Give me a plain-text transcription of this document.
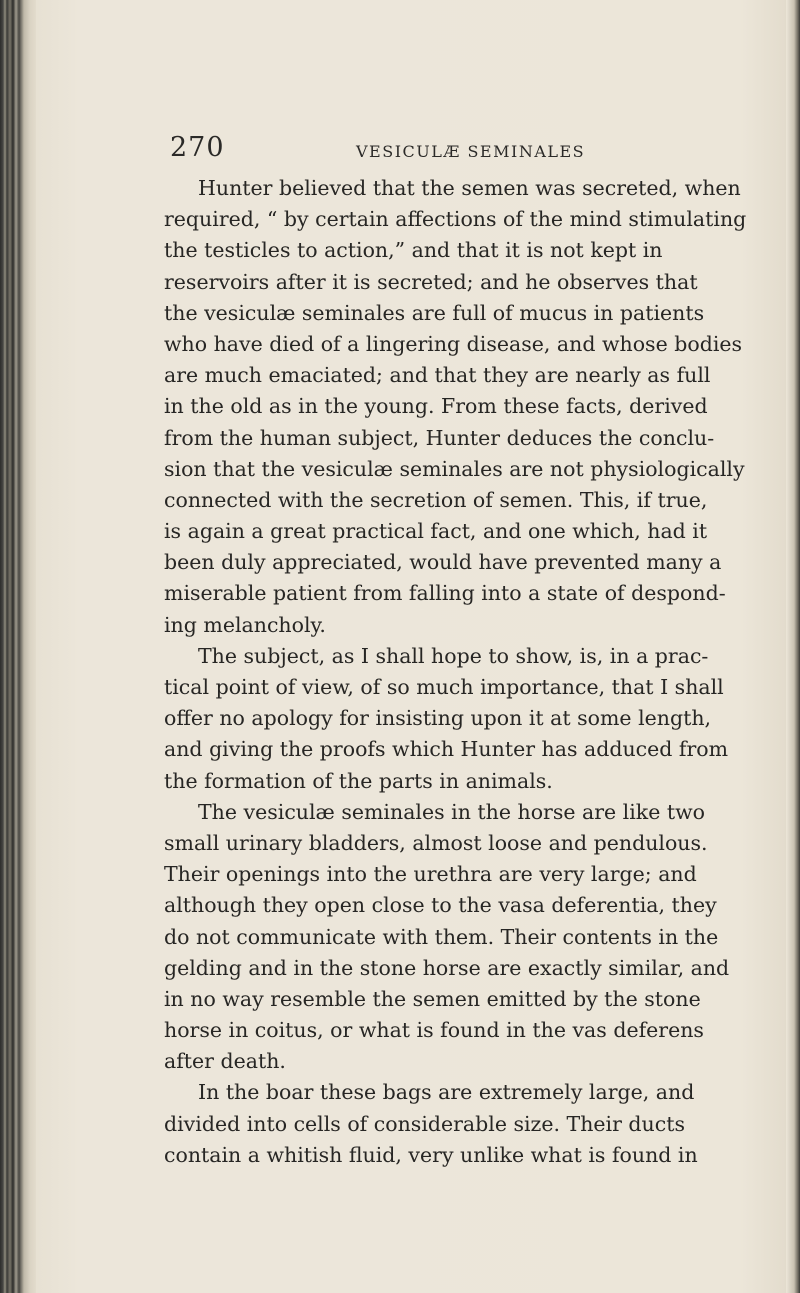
270	VESICULÆ SEMINALES
Hunter believed that the semen was secreted, when
required, “ by certain affections of the mind stimulating
the testicles to action,” and that it is not kept in
reservoirs after it is secreted; and he observes that
the vesiculæ seminales are full of mucus in patients
who have died of a lingering disease, and whose bodies
are much emaciated; and that they are nearly as full
in the old as in the young. From these facts, derived
from the human subject, Hunter deduces the conclu-
sion that the vesiculæ seminales are not physiologically
connected with the secretion of semen. This, if true,
is again a great practical fact, and one which, had it
been duly appreciated, would have prevented many a
miserable patient from falling into a state of despond-
ing melancholy.
The subject, as I shall hope to show, is, in a prac-
tical point of view, of so much importance, that I shall
offer no apology for insisting upon it at some length,
and giving the proofs which Hunter has adduced from
the formation of the parts in animals.
The vesiculæ seminales in the horse are like two
small urinary bladders, almost loose and pendulous.
Their openings into the urethra are very large; and
although they open close to the vasa deferentia, they
do not communicate with them. Their contents in the
gelding and in the stone horse are exactly similar, and
in no way resemble the semen emitted by the stone
horse in coitus, or what is found in the vas deferens
after death.
In the boar these bags are extremely large, and
divided into cells of considerable size. Their ducts
contain a whitish fluid, very unlike what is found in
